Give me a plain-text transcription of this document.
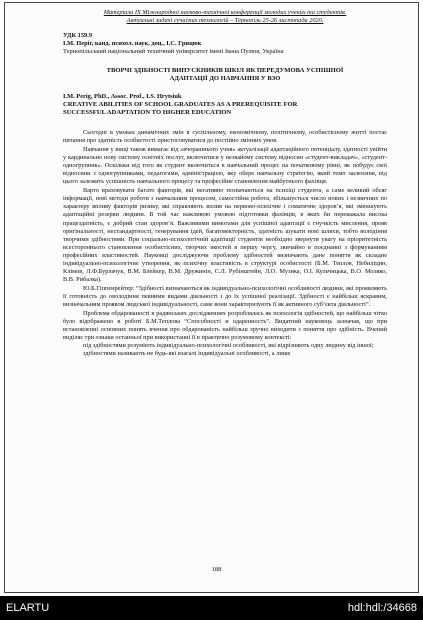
Матеріали IX Міжнародної науково-технічної конференції молодих учених та студентів.
Актуальні задачі сучасних технологій – Тернопіль 25-26 листопада 2020.
УДК 159.9
І.М. Періг, канд. психол. наук, доц., І.С. Грицюк
Тернопільський національний технічний університет імені Івана Пулюя, Україна
ТВОРЧІ ЗДІБНОСТІ ВИПУСКНИКІВ ШКІЛ ЯК ПЕРЕДУМОВА УСПІШНОЇ
АДАПТАЦІЇ ДО НАВЧАННЯ У ВЗО
I.M. Perig, PhD., Assoc. Prof., I.S. Hrytsiuk
CREATIVE ABILITIES OF SCHOOL GRADUATES AS A PREREQUISITE FOR
SUCCESSFUL ADAPTATION TO HIGHER EDUCATION

Сьогодні в умовах динамічних змін в суспільному, економічному, політичному, особистісному житті постає питання про здатність особистості пристосовуватися до постійно змінних умов.

Навчання у вищі також вимагає від «вчорашнього учня» актуалізації адаптаційного потенціалу, здатності увійти у кардинально нову систему освітніх послуг, включитися у незвайому систему відносин «студент-викладач», «студент-одногрупник». Оскільки від того як студент включиться в навчальний процес на початковому рівні, як побудує свої відносини з одногрупниками, педагогами, адміністрацією, яку обере навчальну стратегію, який темп засвоєння, від цього залежить успішність навчального процесу та професійне становлення майбутнього фахівця.

Варто враховувати багато факторів, які негативно позначаються на психіці студента, а саме великий обсяг інформації, нові методи роботи з навчальним процесом, самостійна робота, збільшується число нових і незвичних по характеру впливу факторів ризику, які справляють вплив на нервово-психічне і соматичне здоров’я, які зменшують адаптаційні резерви людини. В той час важливою умовою підготовки фахівців, в яких би переважала висока працездатність, є добрий стан здоров’я. Важливими вимогами для успішної адаптації є гнучкість мислення, прояв оригінальності, нестандартності, генерування ідей, багатовекторність, здатність шукати нові шляхи, тобто володіння творчими здібностями. При соціально-психологічній адаптації студентів необхідно звернути увагу на пріоритетність всестороннього становлення особистісних, творчих якостей в першу чергу, звичайно в поєднанні з формуванням професійних властивостей. Науковці досліджуючи проблему здібностей визначають дане поняття як складне індивідуально-психологічне утворення, як психічну властивість в структурі особистості (Б.М. Теплов, Небиліцин, Клімов, Л.Ф.Бурлачук, В.М. Блейхер, В.М. Дружинін, С.Л. Рубінштейн, Л.О. Музика, О.І. Кульчицька, В.О. Моляко, В.В. Рибалка).

Ю.Б.Гіппенрейтер: “Здібності визначаються як індивідуально-психологічні особливості людини, які проявляють її готовність до оволодіння певними видами діяльності і до їх успішної реалізації. Здібності є найбільш яскравим, визначальним проявом людської індивідуальності, саме вони характеризують її як активного суб’єкта діяльності”.

Проблема обдарованості в радянських дослідженнях розроблялась як психологія здібностей, що найбільш чітко було відображено в роботі Б.М.Теплова “Способності и одаренность”. Видатний науковець зазначав, що при встановленні основних понять вчення про обдарованість найбільш зручно виходити з поняття про здібність. Вчений виділяє три ознаки останньої при використанні її в практично розумовому контексті:

під здібностями розуміють індивідуально-психологічні особливості, які відрізняють одну людину від іншої;

здібностями називають не будь-які взагалі індивідуальні особливості, а лише

188
ELARTU	hdl:hdl:/34668
